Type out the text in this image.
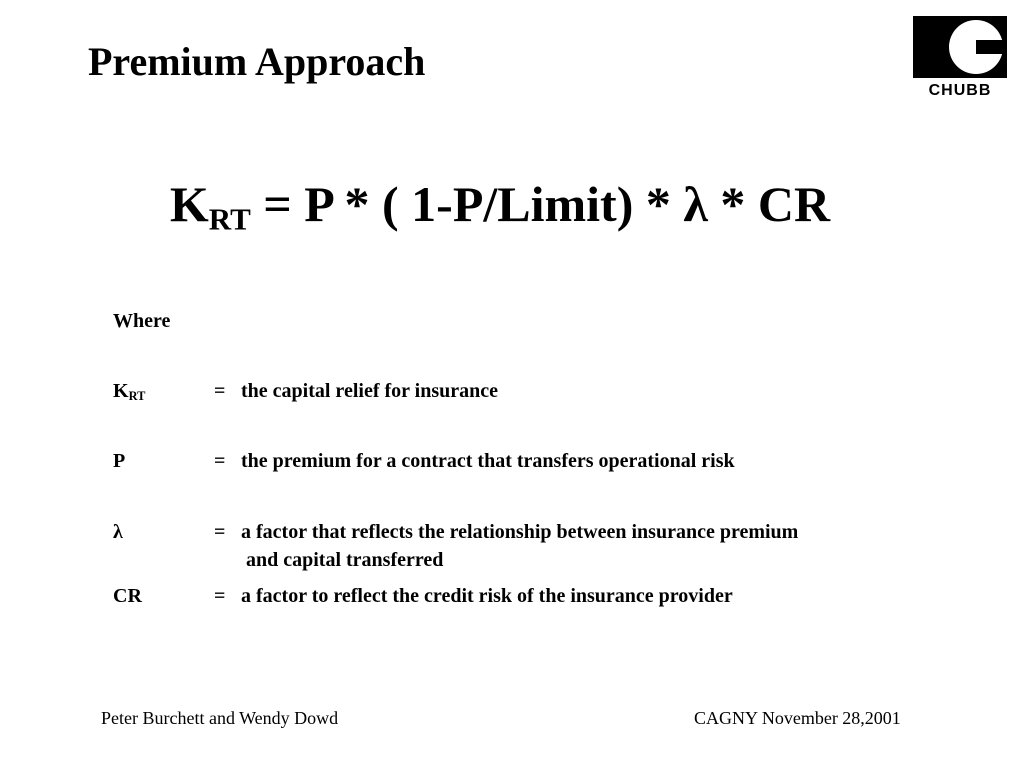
Premium Approach
CHUBB
$K_{RT} = P$ * ( 1-P/Limit) * λ * CR
Where
$K_{RT}$	= the capital relief for insurance
P	= the premium for a contract that transfers operational risk
λ	= a factor that reflects the relationship between insurance premium
and capital transferred
CR	= a factor to reflect the credit risk of the insurance provider
Peter Burchett and Wendy Dowd	CAGNY November 28,2001
